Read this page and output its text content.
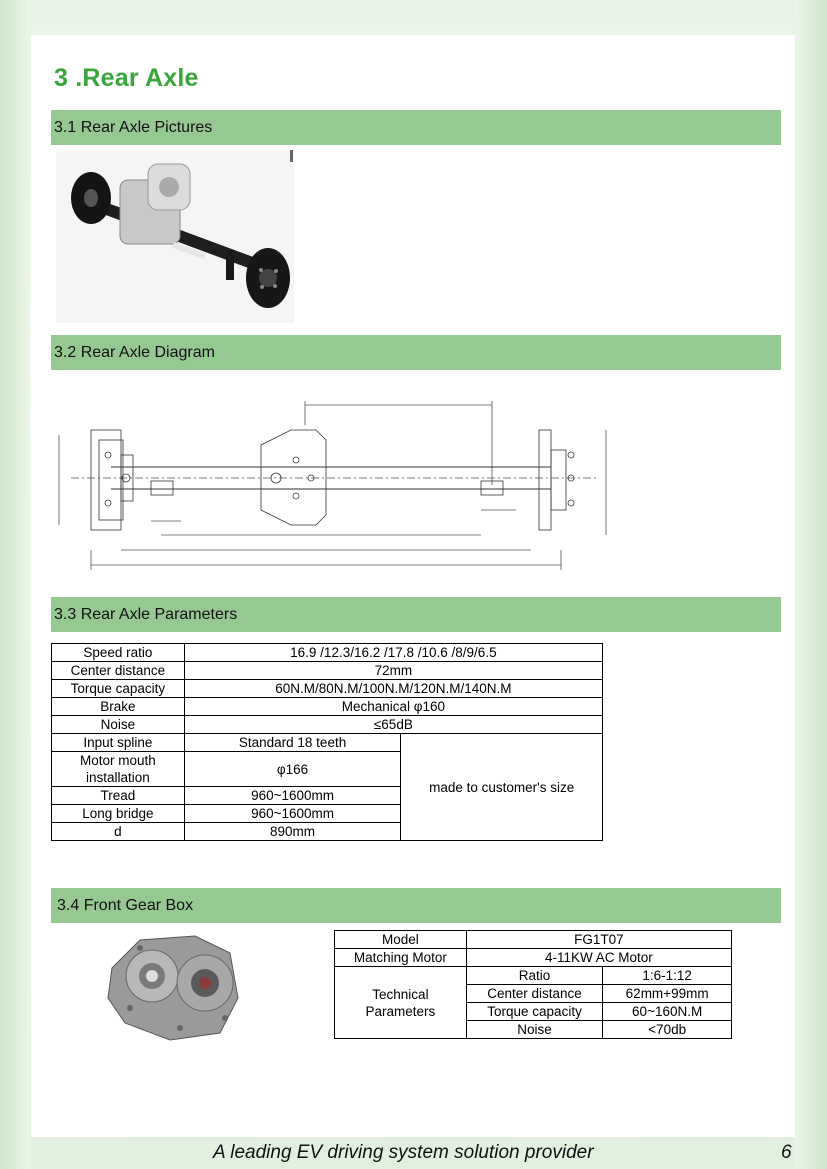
3 .Rear Axle
3.1 Rear Axle Pictures
3.2 Rear Axle Diagram
3.3 Rear Axle Parameters
Speed ratio	16.9 /12.3/16.2 /17.8 /10.6 /8/9/6.5	
Center distance	72mm	
Torque capacity	60N.M/80N.M/100N.M/120N.M/140N.M	
Brake	Mechanical φ160	
Noise	≤65dB	
Input spline	Standard 18 teeth	made to customer's size
Motor mouth installation	φ166	
Tread	960~1600mm	
Long bridge	960~1600mm	
d	890mm	
3.4 Front Gear Box
Model	FG1T07	
Matching Motor	4-11KW AC Motor	
Technical Parameters	Ratio	1:6-1:12
	Center distance	62mm+99mm
	Torque capacity	60~160N.M
	Noise	<70db
A leading EV driving system solution provider	6
